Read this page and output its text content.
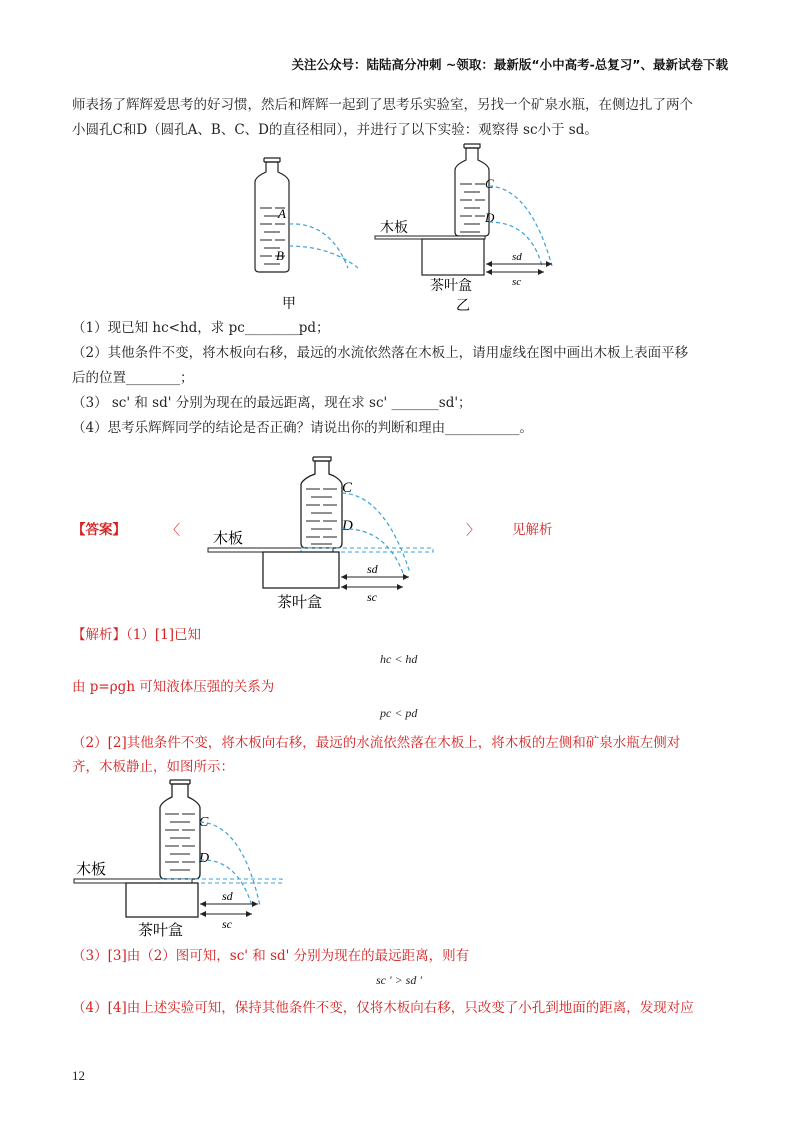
关注公众号：陆陆高分冲刺 ~领取：最新版“小中高考-总复习”、最新试卷下载
师表扬了辉辉爱思考的好习惯，然后和辉辉一起到了思考乐实验室，另找一个矿泉水瓶，在侧边扎了两个
小圆孔C和D（圆孔A、B、C、D的直径相同），并进行了以下实验：观察得 sc小于 sd。
A
B
C
D
木板
茶叶盒
sd
sc
甲	乙
（1）现已知 hc<hd，求 pc________pd；
（2）其他条件不变，将木板向右移，最远的水流依然落在木板上，请用虚线在图中画出木板上表面平移
后的位置________；
（3） sc' 和 sd' 分别为现在的最远距离，现在求 sc' _______sd'；
（4）思考乐辉辉同学的结论是否正确？请说出你的判断和理由___________。
【答案】	〈	〉 见解析
C
D
木板
茶叶盒
sd
sc
【解析】（1）[1]已知
hc < hd
由 p=ρgh 可知液体压强的关系为
pc < pd
（2）[2]其他条件不变，将木板向右移，最远的水流依然落在木板上，将木板的左侧和矿泉水瓶左侧对
齐，木板静止，如图所示：
C
D
木板
茶叶盒
sd
sc
（3）[3]由（2）图可知，sc' 和 sd' 分别为现在的最远距离，则有
sc ' > sd '
（4）[4]由上述实验可知，保持其他条件不变，仅将木板向右移，只改变了小孔到地面的距离，发现对应
12
